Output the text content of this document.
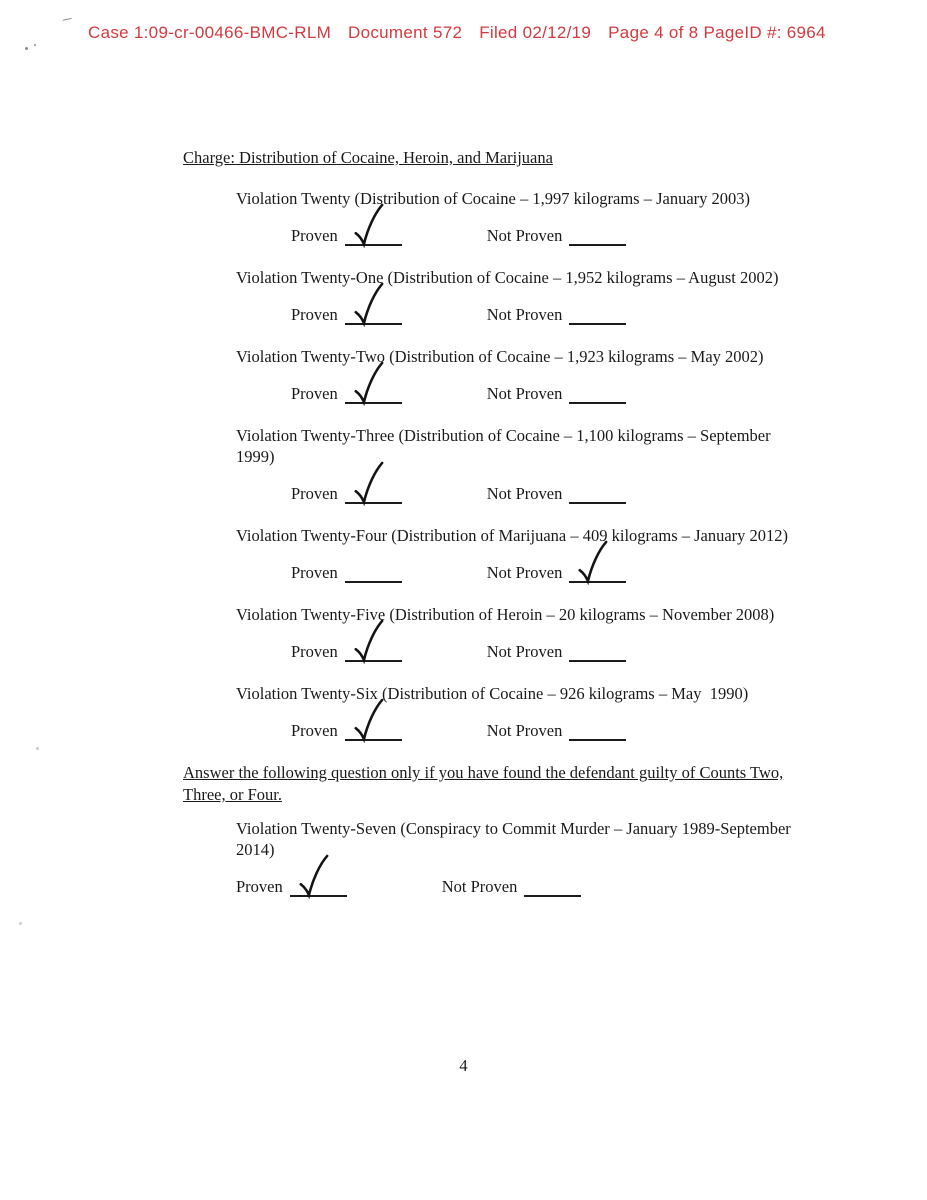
Case 1:09-cr-00466-BMC-RLM Document 572 Filed 02/12/19 Page 4 of 8 PageID #: 6964
Charge: Distribution of Cocaine, Heroin, and Marijuana
Violation Twenty (Distribution of Cocaine – 1,997 kilograms – January 2003)
Proven	Not Proven
Violation Twenty-One (Distribution of Cocaine – 1,952 kilograms – August 2002)
Proven	Not Proven
Violation Twenty-Two (Distribution of Cocaine – 1,923 kilograms – May 2002)
Proven	Not Proven
Violation Twenty-Three (Distribution of Cocaine – 1,100 kilograms – September 1999)
Proven	Not Proven
Violation Twenty-Four (Distribution of Marijuana – 409 kilograms – January 2012)
Proven	Not Proven
Violation Twenty-Five (Distribution of Heroin – 20 kilograms – November 2008)
Proven	Not Proven
Violation Twenty-Six (Distribution of Cocaine – 926 kilograms – May  1990)
Proven	Not Proven
Answer the following question only if you have found the defendant guilty of Counts Two, Three, or Four.
Violation Twenty-Seven (Conspiracy to Commit Murder – January 1989-September 2014)
Proven	Not Proven
4
